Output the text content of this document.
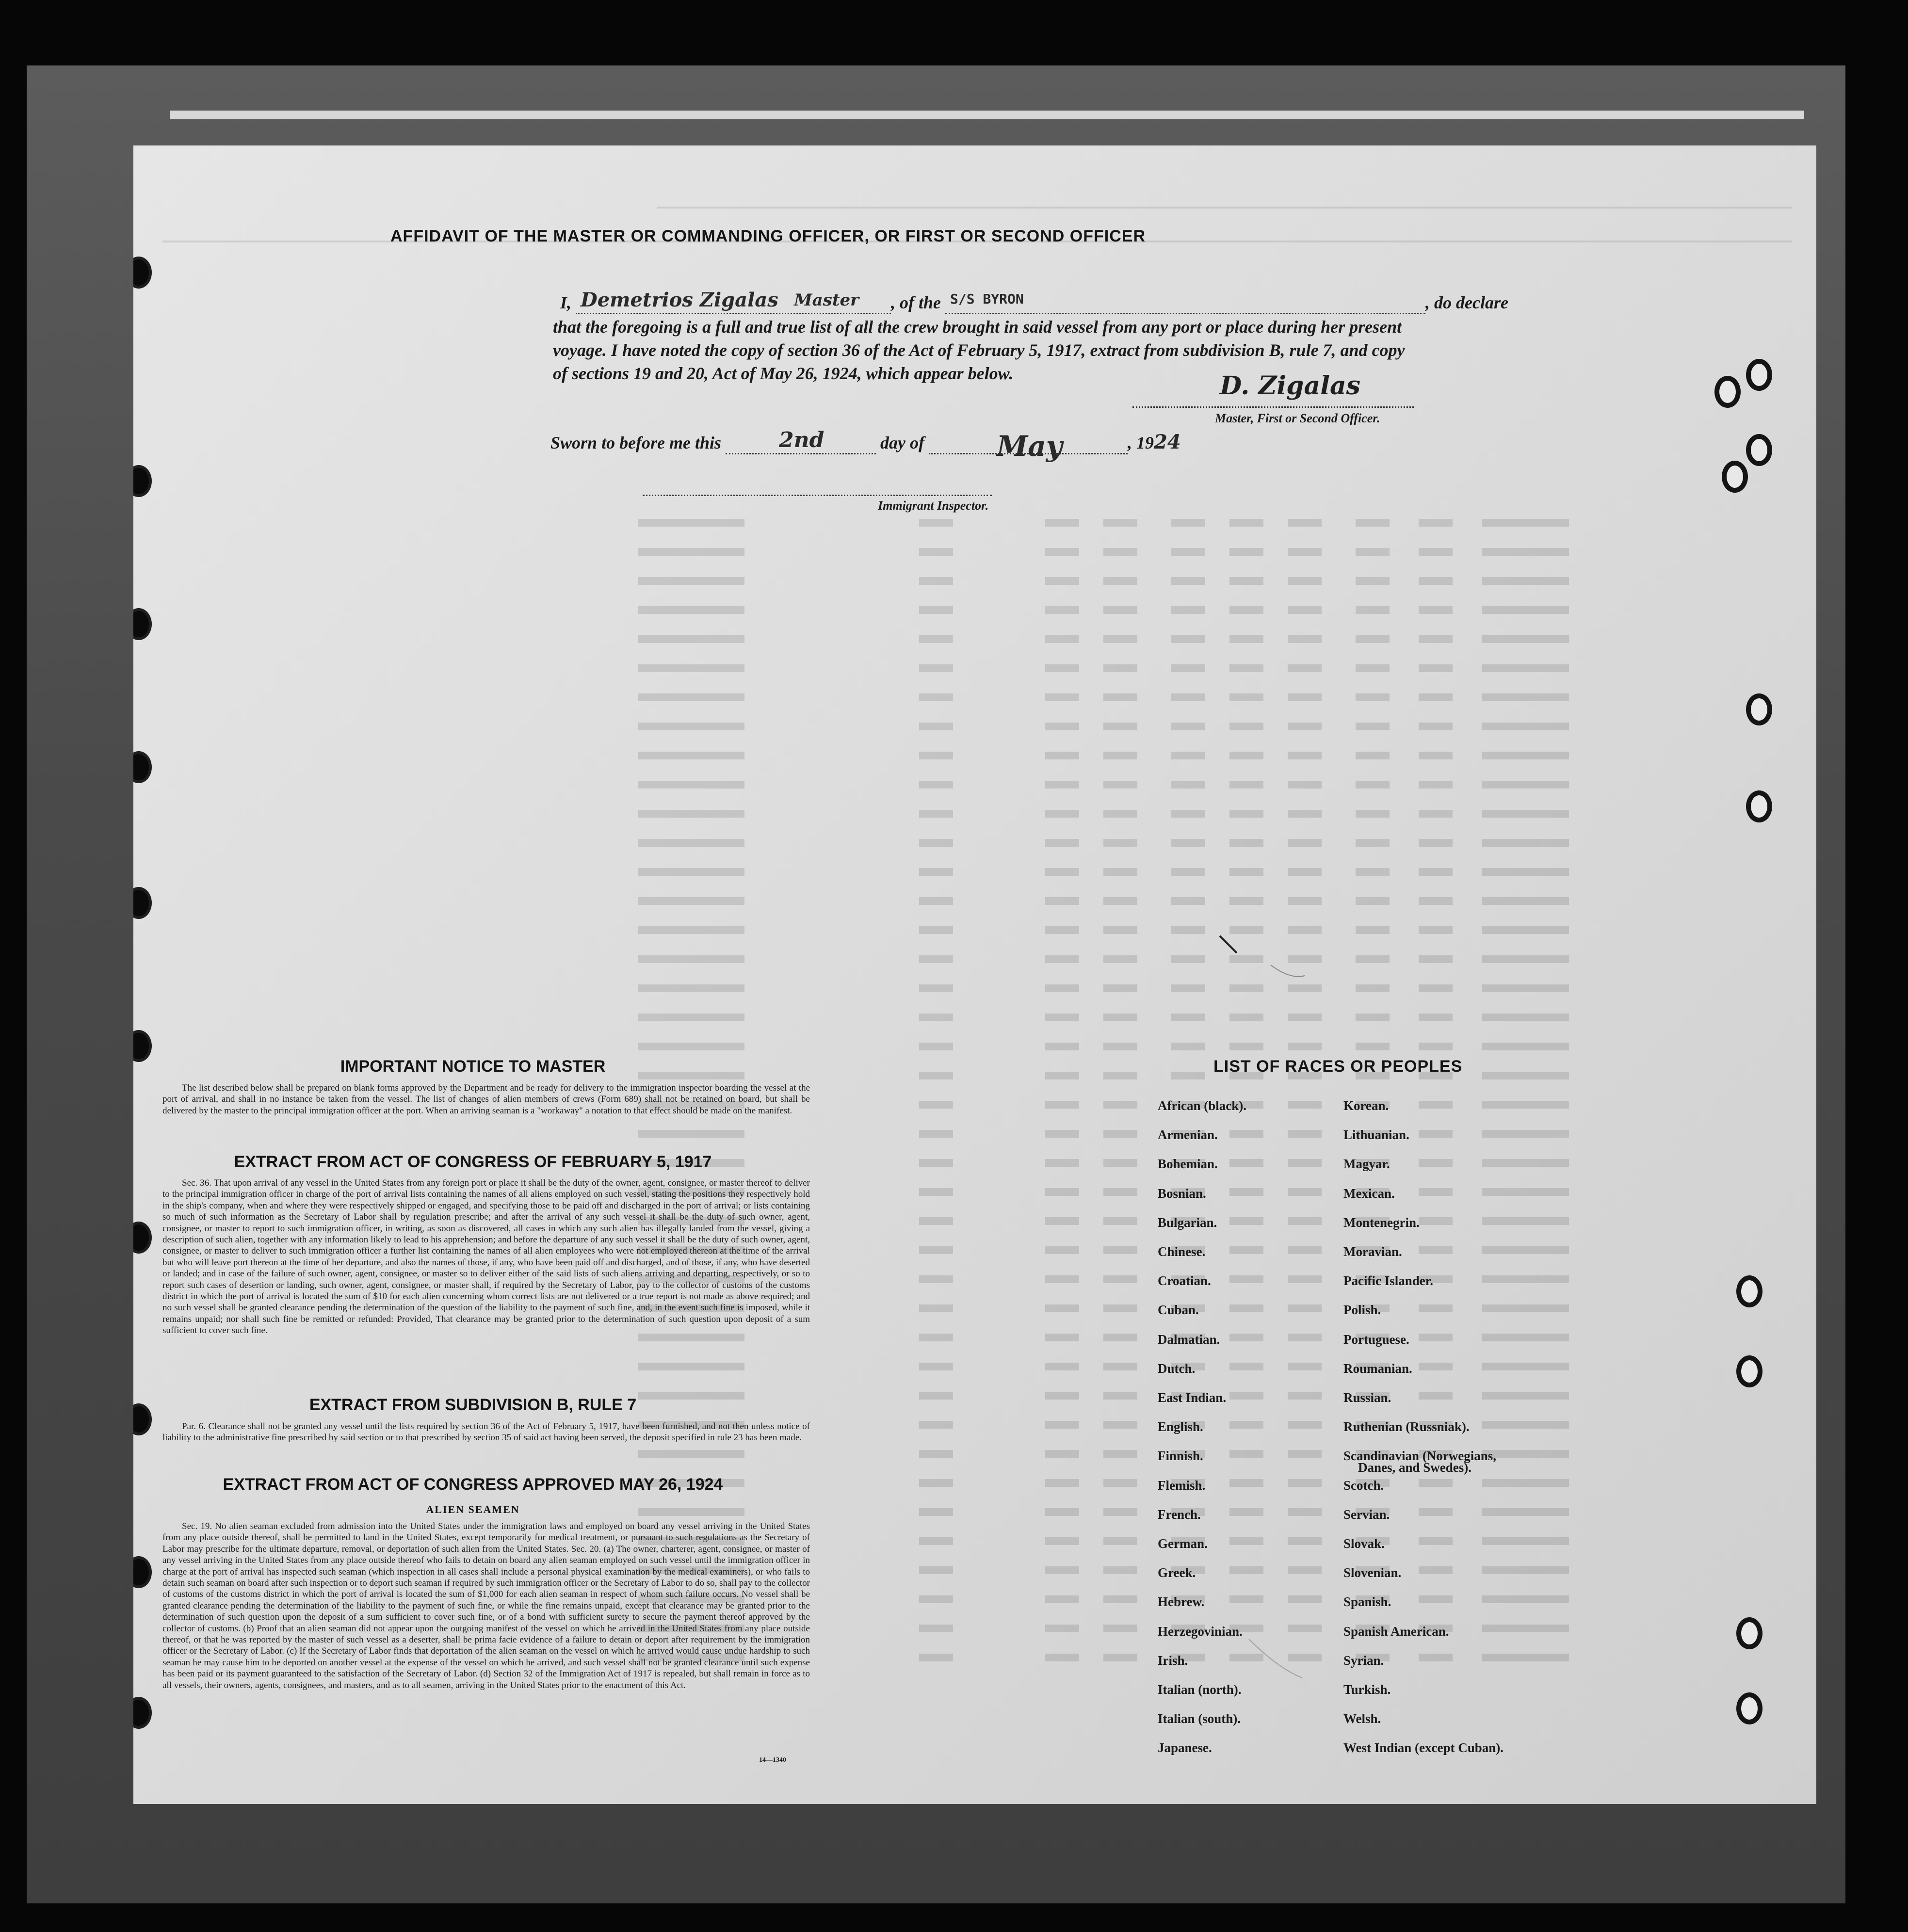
AFFIDAVIT OF THE MASTER OR COMMANDING OFFICER, OR FIRST OR SECOND OFFICER
I, Demetrios Zigalas Master , of the S/S BYRON	, do declare
that the foregoing is a full and true list of all the crew brought in said vessel from any port or place during her present
voyage. I have noted the copy of section 36 of the Act of February 5, 1917, extract from subdivision B, rule 7, and copy
of sections 19 and 20, Act of May 26, 1924, which appear below.	D. Zigalas
Master, First or Second Officer.
Sworn to before me this	2nd	day of	May	, 1924
Immigrant Inspector.
IMPORTANT NOTICE TO MASTER
The list described below shall be prepared on blank forms approved by the Department and be ready for delivery to the immigration inspector boarding the vessel at the port of arrival, and shall in no instance be taken from the vessel. The list of changes of alien members of crews (Form 689) shall not be retained on board, but shall be delivered by the master to the principal immigration officer at the port. When an arriving seaman is a "workaway" a notation to that effect should be made on the manifest.
EXTRACT FROM ACT OF CONGRESS OF FEBRUARY 5, 1917
Sec. 36. That upon arrival of any vessel in the United States from any foreign port or place it shall be the duty of the owner, agent, consignee, or master thereof to deliver to the principal immigration officer in charge of the port of arrival lists containing the names of all aliens employed on such vessel, stating the positions they respectively hold in the ship's company, when and where they were respectively shipped or engaged, and specifying those to be paid off and discharged in the port of arrival; or lists containing so much of such information as the Secretary of Labor shall by regulation prescribe; and after the arrival of any such vessel it shall be the duty of such owner, agent, consignee, or master to report to such immigration officer, in writing, as soon as discovered, all cases in which any such alien has illegally landed from the vessel, giving a description of such alien, together with any information likely to lead to his apprehension; and before the departure of any such vessel it shall be the duty of such owner, agent, consignee, or master to deliver to such immigration officer a further list containing the names of all alien employees who were not employed thereon at the time of the arrival but who will leave port thereon at the time of her departure, and also the names of those, if any, who have been paid off and discharged, and of those, if any, who have deserted or landed; and in case of the failure of such owner, agent, consignee, or master so to deliver either of the said lists of such aliens arriving and departing, respectively, or so to report such cases of desertion or landing, such owner, agent, consignee, or master shall, if required by the Secretary of Labor, pay to the collector of customs of the customs district in which the port of arrival is located the sum of $10 for each alien concerning whom correct lists are not delivered or a true report is not made as above required; and no such vessel shall be granted clearance pending the determination of the question of the liability to the payment of such fine, and, in the event such fine is imposed, while it remains unpaid; nor shall such fine be remitted or refunded: Provided, That clearance may be granted prior to the determination of such question upon deposit of a sum sufficient to cover such fine.
EXTRACT FROM SUBDIVISION B, RULE 7
Par. 6. Clearance shall not be granted any vessel until the lists required by section 36 of the Act of February 5, 1917, have been furnished, and not then unless notice of liability to the administrative fine prescribed by said section or to that prescribed by section 35 of said act having been served, the deposit specified in rule 23 has been made.
EXTRACT FROM ACT OF CONGRESS APPROVED MAY 26, 1924
ALIEN SEAMEN
Sec. 19. No alien seaman excluded from admission into the United States under the immigration laws and employed on board any vessel arriving in the United States from any place outside thereof, shall be permitted to land in the United States, except temporarily for medical treatment, or pursuant to such regulations as the Secretary of Labor may prescribe for the ultimate departure, removal, or deportation of such alien from the United States. Sec. 20. (a) The owner, charterer, agent, consignee, or master of any vessel arriving in the United States from any place outside thereof who fails to detain on board any alien seaman employed on such vessel until the immigration officer in charge at the port of arrival has inspected such seaman (which inspection in all cases shall include a personal physical examination by the medical examiners), or who fails to detain such seaman on board after such inspection or to deport such seaman if required by such immigration officer or the Secretary of Labor to do so, shall pay to the collector of customs of the customs district in which the port of arrival is located the sum of $1,000 for each alien seaman in respect of whom such failure occurs. No vessel shall be granted clearance pending the determination of the liability to the payment of such fine, or while the fine remains unpaid, except that clearance may be granted prior to the determination of such question upon the deposit of a sum sufficient to cover such fine, or of a bond with sufficient surety to secure the payment thereof approved by the collector of customs. (b) Proof that an alien seaman did not appear upon the outgoing manifest of the vessel on which he arrived in the United States from any place outside thereof, or that he was reported by the master of such vessel as a deserter, shall be prima facie evidence of a failure to detain or deport after requirement by the immigration officer or the Secretary of Labor. (c) If the Secretary of Labor finds that deportation of the alien seaman on the vessel on which he arrived would cause undue hardship to such seaman he may cause him to be deported on another vessel at the expense of the vessel on which he arrived, and such vessel shall not be granted clearance until such expense has been paid or its payment guaranteed to the satisfaction of the Secretary of Labor. (d) Section 32 of the Immigration Act of 1917 is repealed, but shall remain in force as to all vessels, their owners, agents, consignees, and masters, and as to all seamen, arriving in the United States prior to the enactment of this Act.
14—1340
LIST OF RACES OR PEOPLES
African (black).
Armenian.
Bohemian.
Bosnian.
Bulgarian.
Chinese.
Croatian.
Cuban.
Dalmatian.
Dutch.
East Indian.
English.
Finnish.
Flemish.
French.
German.
Greek.
Hebrew.
Herzegovinian.
Irish.
Italian (north).
Italian (south).
Japanese.
Korean.
Lithuanian.
Magyar.
Mexican.
Montenegrin.
Moravian.
Pacific Islander.
Polish.
Portuguese.
Roumanian.
Russian.
Ruthenian (Russniak).
Scandinavian (Norwegians,
Danes, and Swedes).
Scotch.
Servian.
Slovak.
Slovenian.
Spanish.
Spanish American.
Syrian.
Turkish.
Welsh.
West Indian (except Cuban).
